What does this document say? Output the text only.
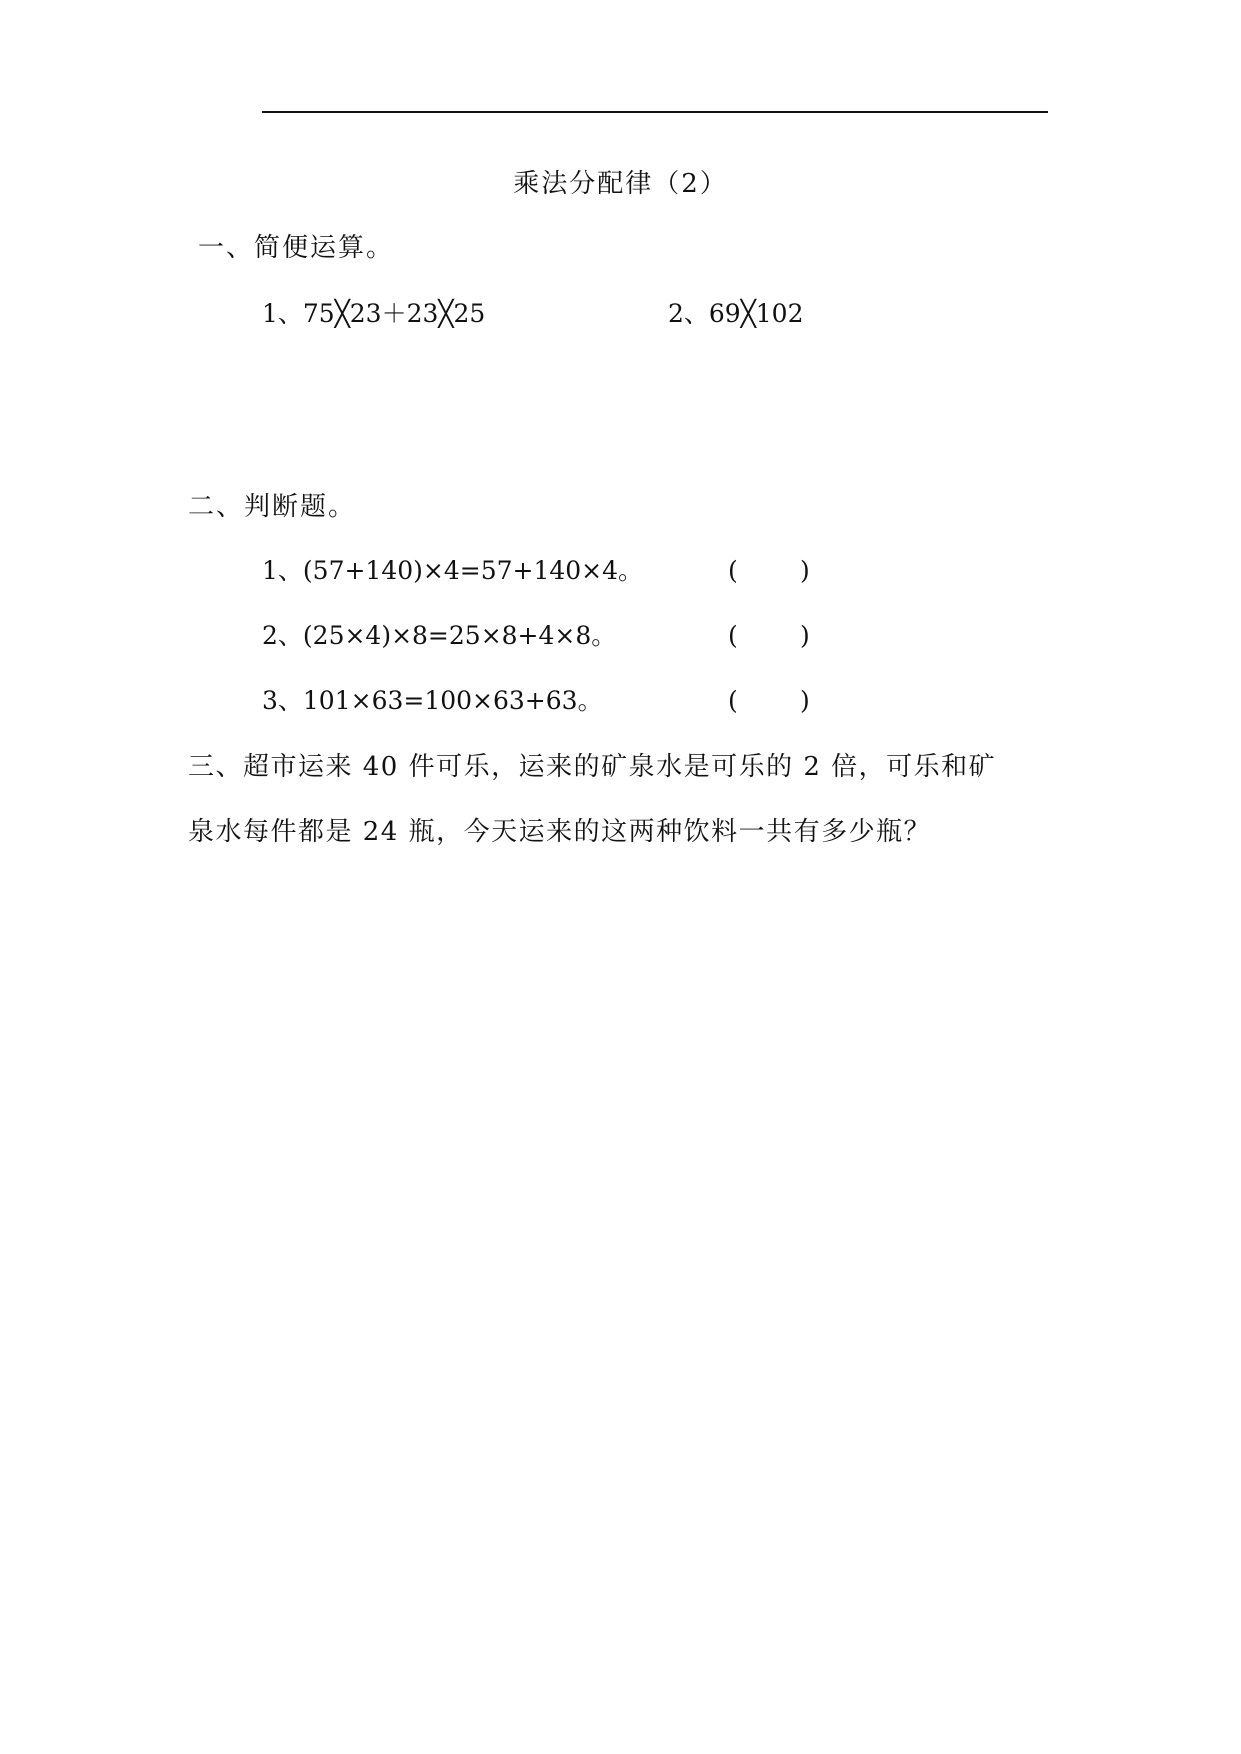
乘法分配律（2）
一、简便运算。
1、75╳23＋23╳25	2、69╳102
二、判断题。
1、(57+140)×4=57+140×4。	( )
2、(25×4)×8=25×8+4×8。	( )
3、101×63=100×63+63。	( )
三、超市运来 40 件可乐，运来的矿泉水是可乐的 2 倍，可乐和矿
泉水每件都是 24 瓶，今天运来的这两种饮料一共有多少瓶？
